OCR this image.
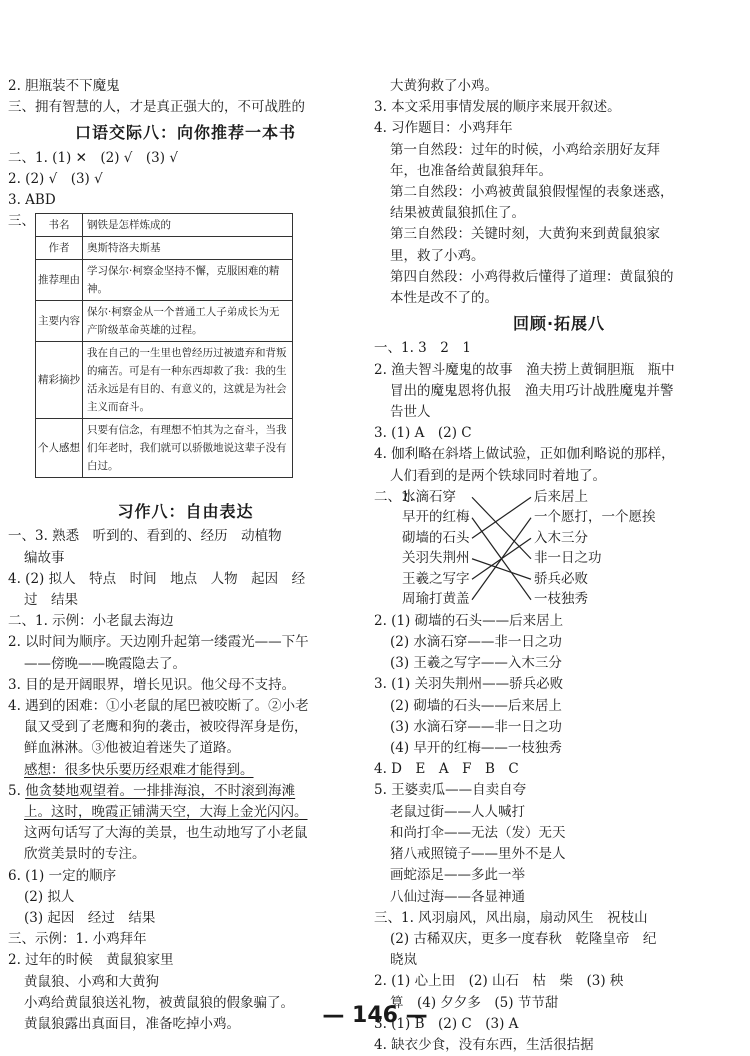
2. 胆瓶装不下魔鬼
三、拥有智慧的人，才是真正强大的，不可战胜的
口语交际八：向你推荐一本书
二、1. (1) ✕　(2) √　(3) √
2. (2) √　(3) √
3. ABD
三、 书名	钢铁是怎样炼成的
作者	奥斯特洛夫斯基
推荐理由	学习保尔·柯察金坚持不懈，克服困难的精神。
主要内容	保尔·柯察金从一个普通工人子弟成长为无产阶级革命英雄的过程。
精彩摘抄	我在自己的一生里也曾经历过被遗弃和背叛的痛苦。可是有一种东西却救了我：我的生活永远是有目的、有意义的，这就是为社会主义而奋斗。
个人感想	只要有信念，有理想不怕其为之奋斗，当我们年老时，我们就可以骄傲地说这辈子没有白过。
习作八：自由表达
一、3. 熟悉　听到的、看到的、经历　动植物
编故事
4. (2) 拟人　特点　时间　地点　人物　起因　经
过　结果
二、1. 示例：小老鼠去海边
2. 以时间为顺序。天边刚升起第一缕霞光——下午
——傍晚——晚霞隐去了。
3. 目的是开阔眼界，增长见识。他父母不支持。
4. 遇到的困难：①小老鼠的尾巴被咬断了。②小老
鼠又受到了老鹰和狗的袭击，被咬得浑身是伤，
鲜血淋淋。③他被迫着迷失了道路。
感想：很多快乐要历经艰难才能得到。
5. 他贪婪地观望着。一排排海浪，不时滚到海滩
上。这时，晚霞正铺满天空，大海上金光闪闪。
这两句话写了大海的美景，也生动地写了小老鼠
欣赏美景时的专注。
6. (1) 一定的顺序
(2) 拟人
(3) 起因　经过　结果
三、示例：1. 小鸡拜年
2. 过年的时候　黄鼠狼家里
黄鼠狼、小鸡和大黄狗
小鸡给黄鼠狼送礼物，被黄鼠狼的假象骗了。
黄鼠狼露出真面目，准备吃掉小鸡。
大黄狗救了小鸡。
3. 本文采用事情发展的顺序来展开叙述。
4. 习作题目：小鸡拜年
第一自然段：过年的时候，小鸡给亲朋好友拜
年，也准备给黄鼠狼拜年。
第二自然段：小鸡被黄鼠狼假惺惺的表象迷惑，
结果被黄鼠狼抓住了。
第三自然段：关键时刻，大黄狗来到黄鼠狼家
里，救了小鸡。
第四自然段：小鸡得救后懂得了道理：黄鼠狼的
本性是改不了的。
回顾·拓展八
一、1. 3　2　1
2. 渔夫智斗魔鬼的故事　渔夫捞上黄铜胆瓶　瓶中
冒出的魔鬼恩将仇报　渔夫用巧计战胜魔鬼并警
告世人
3. (1) A　(2) C
4. 伽利略在斜塔上做试验，正如伽利略说的那样，
人们看到的是两个铁球同时着地了。
二、1.
水滴石穿
早开的红梅
砌墙的石头
关羽失荆州
王羲之写字
周瑜打黄盖
后来居上
一个愿打，一个愿挨
入木三分
非一日之功
骄兵必败
一枝独秀
2. (1) 砌墙的石头——后来居上
(2) 水滴石穿——非一日之功
(3) 王羲之写字——入木三分
3. (1) 关羽失荆州——骄兵必败
(2) 砌墙的石头——后来居上
(3) 水滴石穿——非一日之功
(4) 早开的红梅——一枝独秀
4. D　E　A　F　B　C
5. 王婆卖瓜——自卖自夸
老鼠过街——人人喊打
和尚打伞——无法（发）无天
猪八戒照镜子——里外不是人
画蛇添足——多此一举
八仙过海——各显神通
三、1. 风羽扇风，风出扇，扇动风生　祝枝山
(2) 古稀双庆，更多一度春秋　乾隆皇帝　纪
晓岚
2. (1) 心上田　(2) 山石　枯　柴　(3) 秧
算　(4) 夕夕多　(5) 节节甜
3. (1) B　(2) C　(3) A
4. 缺衣少食，没有东西，生活很拮据
— 146 —
